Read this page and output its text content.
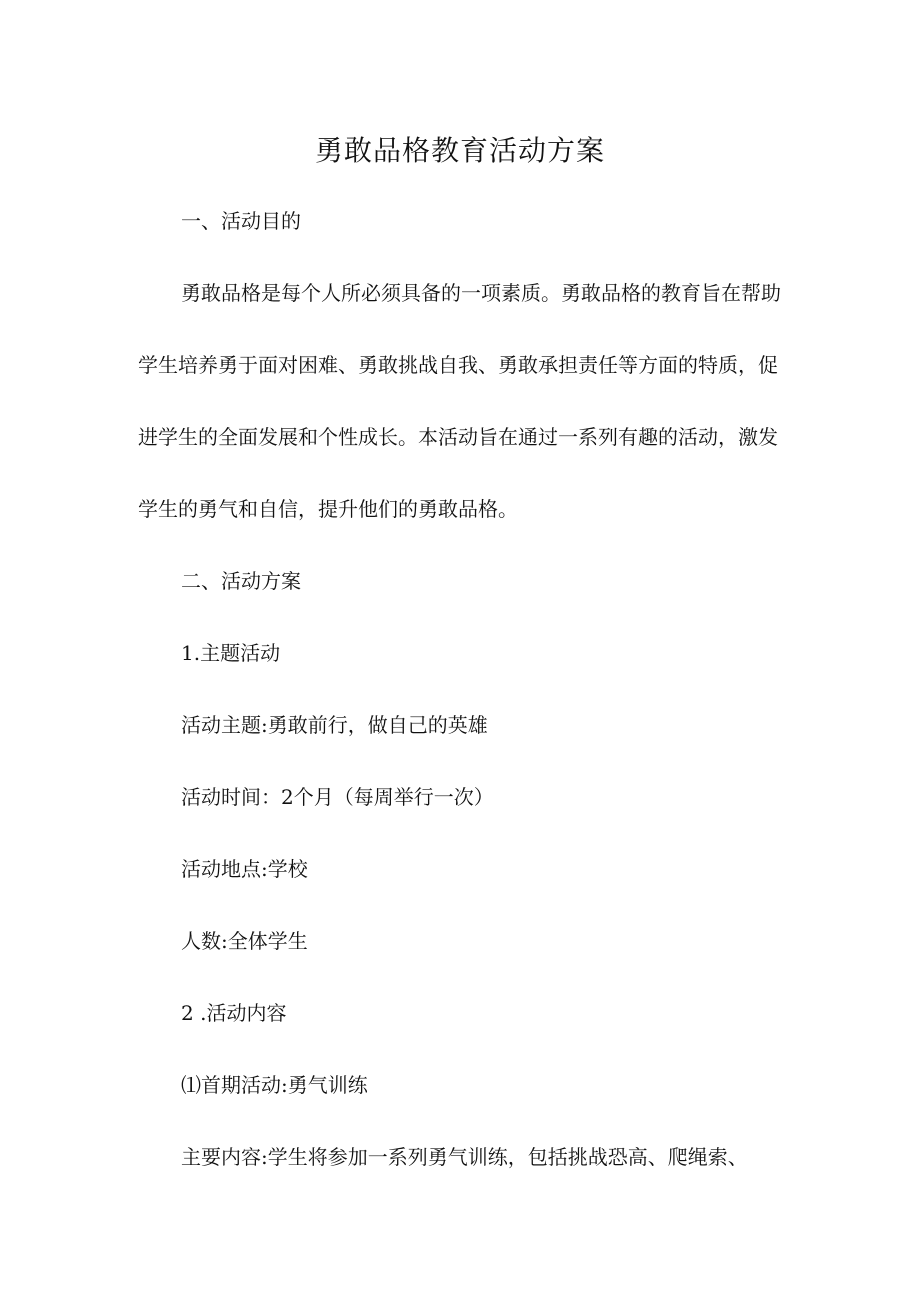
勇敢品格教育活动方案
一、活动目的
勇敢品格是每个人所必须具备的一项素质。勇敢品格的教育旨在帮助
学生培养勇于面对困难、勇敢挑战自我、勇敢承担责任等方面的特质，促
进学生的全面发展和个性成长。本活动旨在通过一系列有趣的活动，激发
学生的勇气和自信，提升他们的勇敢品格。
二、活动方案
1.主题活动
活动主题:勇敢前行，做自己的英雄
活动时间：2个月（每周举行一次）
活动地点:学校
人数:全体学生
2 .活动内容
⑴首期活动:勇气训练
主要内容:学生将参加一系列勇气训练，包括挑战恐高、爬绳索、
